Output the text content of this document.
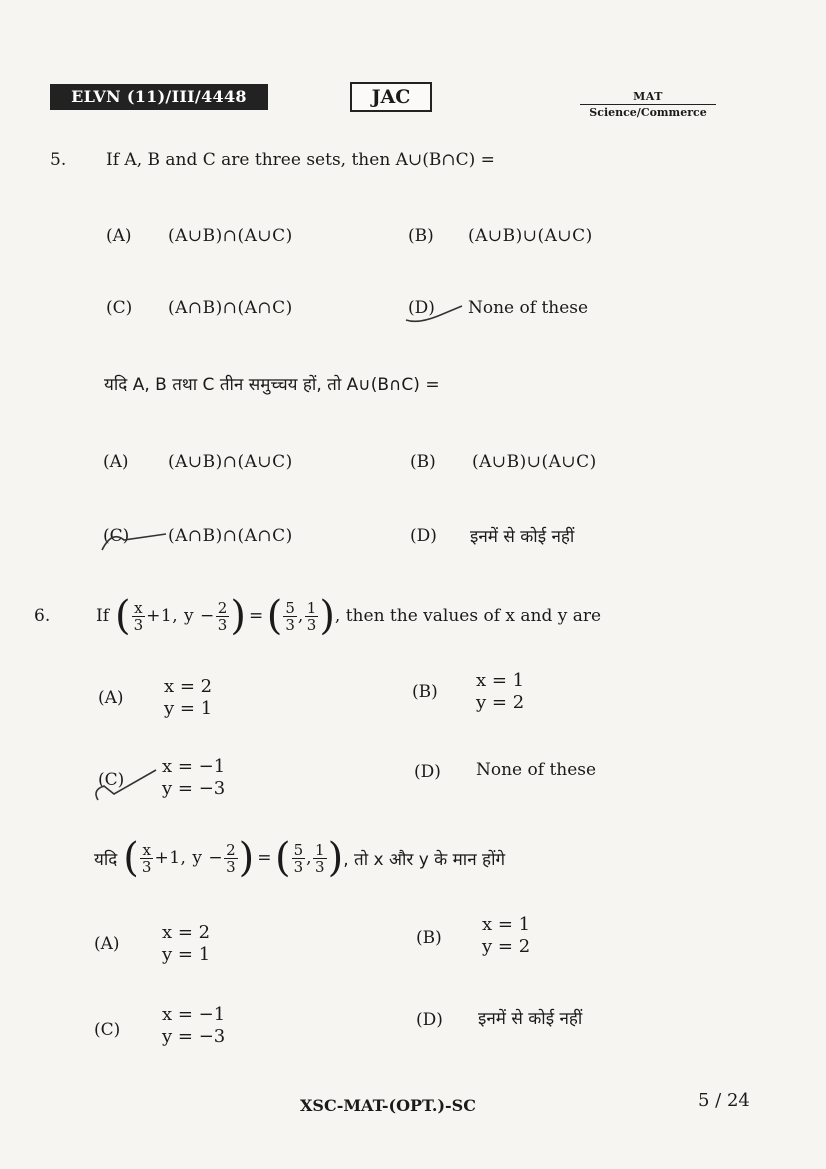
ELVN (11)/III/4448	JAC	MAT
Science/Commerce
5. If A, B and C are three sets, then A∪(B∩C) =
(A) (A∪B)∩(A∪C)	(B) (A∪B)∪(A∪C)
(C) (A∩B)∩(A∩C)	(D) None of these
यदि A, B तथा C तीन समुच्चय हों, तो A∪(B∩C) =
(A) (A∪B)∩(A∪C)	(B) (A∪B)∪(A∪C)
(C) (A∩B)∩(A∩C)	(D) इनमें से कोई नहीं
6.	If ( $\frac{x}{3} +1$, $y - \frac{2}{3}$ ) = ( $\frac{5}{3}$ , $\frac{1}{3}$ ) , then the values of x and y are
(A)
x = 2
y = 1
(B)
x = 1
y = 2
(C)
x = −1
y = −3
(D) None of these
यदि ( $\frac{x}{3} +1$, $y - \frac{2}{3}$ ) = ( $\frac{5}{3}$ , $\frac{1}{3}$ ) , तो x और y के मान होंगे
(A)
x = 2
y = 1
(B)
x = 1
y = 2
(C)
x = −1
y = −3
(D) इनमें से कोई नहीं
XSC-MAT-(OPT.)-SC	5 / 24
